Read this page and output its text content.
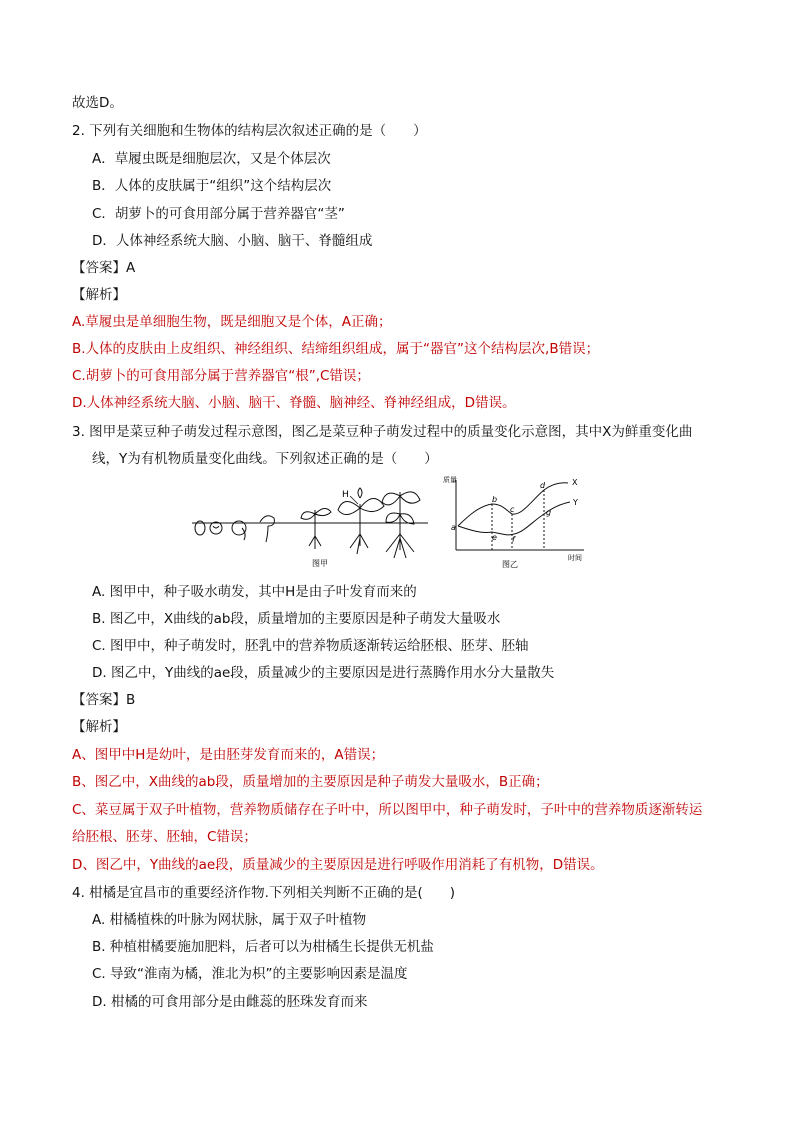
故选D。
2. 下列有关细胞和生物体的结构层次叙述正确的是（　　）
A．草履虫既是细胞层次，又是个体层次
B．人体的皮肤属于“组织”这个结构层次
C．胡萝卜的可食用部分属于营养器官“茎”
D．人体神经系统大脑、小脑、脑干、脊髓组成
【答案】A
【解析】
A.草履虫是单细胞生物，既是细胞又是个体，A正确；
B.人体的皮肤由上皮组织、神经组织、结缔组织组成，属于“器官”这个结构层次,B错误；
C.胡萝卜的可食用部分属于营养器官“根”,C错误；
D.人体神经系统大脑、小脑、脑干、脊髓、脑神经、脊神经组成，D错误。
3. 图甲是菜豆种子萌发过程示意图，图乙是菜豆种子萌发过程中的质量变化示意图，其中X为鲜重变化曲
线，Y为有机物质量变化曲线。下列叙述正确的是（　　）
H
图甲
质量
时间
X
Y
a
b
c
d
e f
g
图乙
A. 图甲中，种子吸水萌发，其中H是由子叶发育而来的
B. 图乙中，X曲线的ab段，质量增加的主要原因是种子萌发大量吸水
C. 图甲中，种子萌发时，胚乳中的营养物质逐渐转运给胚根、胚芽、胚轴
D. 图乙中，Y曲线的ae段，质量减少的主要原因是进行蒸腾作用水分大量散失
【答案】B
【解析】
A、图甲中H是幼叶，是由胚芽发育而来的，A错误；
B、图乙中，X曲线的ab段，质量增加的主要原因是种子萌发大量吸水，B正确；
C、菜豆属于双子叶植物，营养物质储存在子叶中，所以图甲中，种子萌发时，子叶中的营养物质逐渐转运
给胚根、胚芽、胚轴，C错误；
D、图乙中，Y曲线的ae段，质量减少的主要原因是进行呼吸作用消耗了有机物，D错误。
4. 柑橘是宜昌市的重要经济作物.下列相关判断不正确的是(　　)
A. 柑橘植株的叶脉为网状脉，属于双子叶植物
B. 种植柑橘要施加肥料，后者可以为柑橘生长提供无机盐
C. 导致“淮南为橘，淮北为枳”的主要影响因素是温度
D. 柑橘的可食用部分是由雌蕊的胚珠发育而来
